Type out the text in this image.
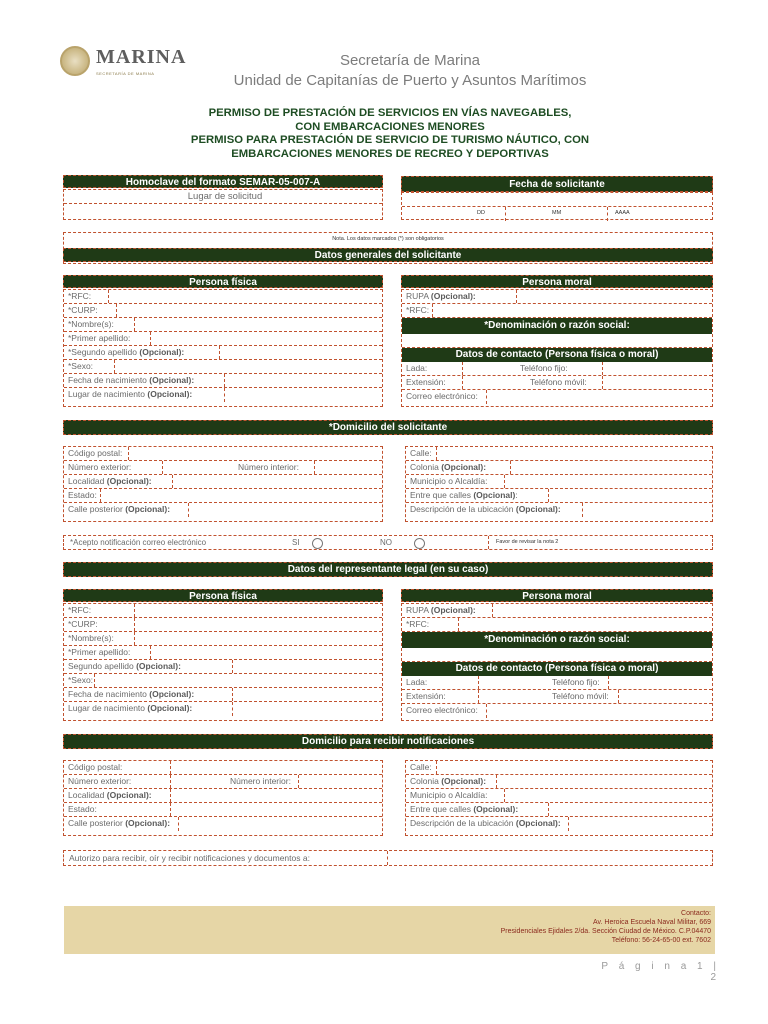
MARINA
SECRETARÍA DE MARINA
Secretaría de Marina
Unidad de Capitanías de Puerto y Asuntos Marítimos
PERMISO DE PRESTACIÓN DE SERVICIOS EN VÍAS NAVEGABLES,
CON EMBARCACIONES MENORES
PERMISO PARA PRESTACIÓN DE SERVICIO DE TURISMO NÁUTICO, CON
EMBARCACIONES MENORES DE RECREO Y DEPORTIVAS
Homoclave del formato SEMAR-05-007-A
Lugar de solicitud
Fecha de solicitante
DD	MM	AAAA
Nota. Los datos marcados (*) son obligatorios
Datos generales del solicitante
Persona física
*RFC:
*CURP:
*Nombre(s):
*Primer apellido:
*Segundo apellido (Opcional):
*Sexo:
Fecha de nacimiento (Opcional):
Lugar de nacimiento (Opcional):
Persona moral
RUPA (Opcional):
*RFC:
*Denominación o razón social:
Datos de contacto (Persona física o moral)
Lada:	Teléfono fijo:
Extensión:	Teléfono móvil:
Correo electrónico:
*Domicilio del solicitante
Código postal:
Número exterior:	Número interior:
Localidad (Opcional):
Estado:
Calle posterior (Opcional):
Calle:
Colonia (Opcional):
Municipio o Alcaldía:
Entre que calles (Opcional):
Descripción de la ubicación (Opcional):
*Acepto notificación correo electrónico	SI	NO	Favor de revisar la nota 2
Datos del representante legal (en su caso)
Persona física
*RFC:
*CURP:
*Nombre(s):
*Primer apellido:
Segundo apellido (Opcional):
*Sexo:
Fecha de nacimiento (Opcional):
Lugar de nacimiento (Opcional):
Persona moral
RUPA (Opcional):
*RFC:
*Denominación o razón social:
Datos de contacto (Persona física o moral)
Lada:	Teléfono fijo:
Extensión:	Teléfono móvil:
Correo electrónico:
Domicilio para recibir notificaciones
Código postal:
Número exterior:	Número interior:
Localidad (Opcional):
Estado:
Calle posterior (Opcional):
Calle:
Colonia (Opcional):
Municipio o Alcaldía:
Entre que calles (Opcional):
Descripción de la ubicación (Opcional):
Autorizo para recibir, oír y recibir notificaciones y documentos a:
Contacto:
Av. Heroica Escuela Naval Militar, 669
Presidenciales Ejidales 2/da. Sección Ciudad de México. C.P.04470
Teléfono: 56-24-65-00 ext. 7602
P á g i n a 1 | 2
